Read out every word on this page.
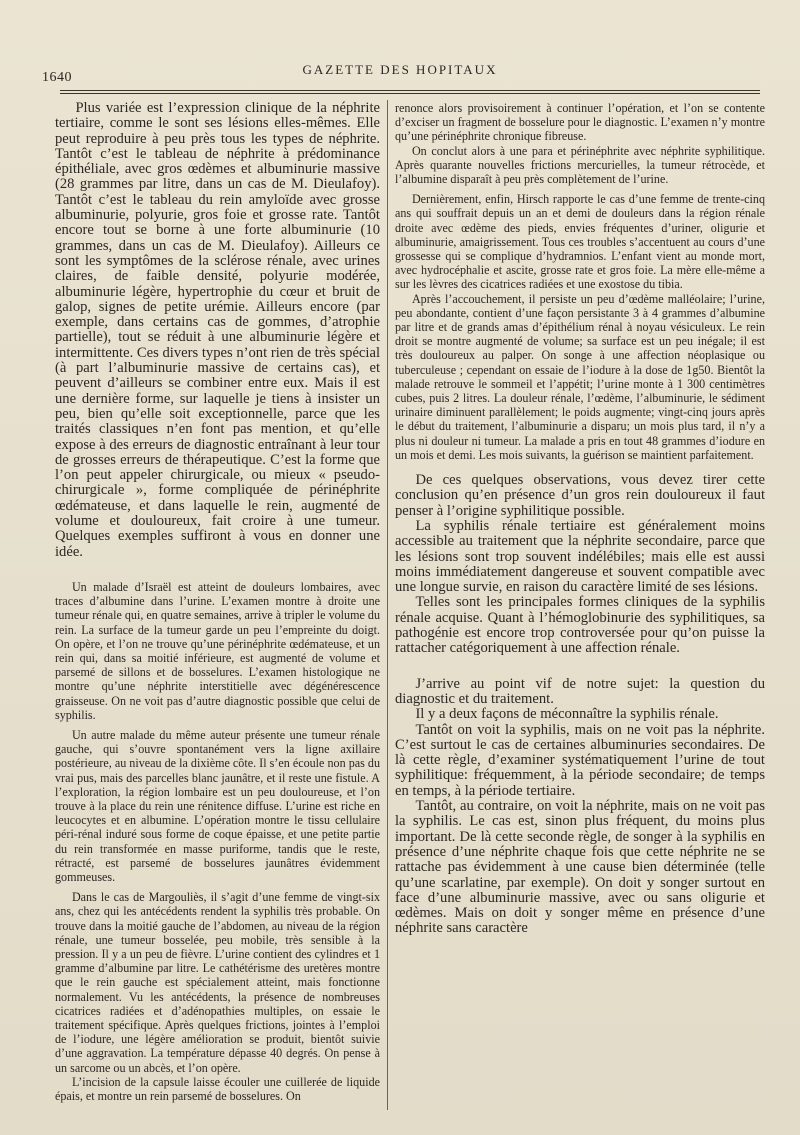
1640
GAZETTE DES HOPITAUX

Plus variée est l’expression clinique de la néphrite tertiaire, comme le sont ses lésions elles-mêmes. Elle peut reproduire à peu près tous les types de néphrite. Tantôt c’est le tableau de néphrite à prédominance épithéliale, avec gros œdèmes et albuminurie massive (28 grammes par litre, dans un cas de M. Dieulafoy). Tantôt c’est le tableau du rein amyloïde avec grosse albuminurie, polyurie, gros foie et grosse rate. Tantôt encore tout se borne à une forte albuminurie (10 grammes, dans un cas de M. Dieulafoy). Ailleurs ce sont les symptômes de la sclérose rénale, avec urines claires, de faible densité, polyurie modérée, albuminurie légère, hypertrophie du cœur et bruit de galop, signes de petite urémie. Ailleurs encore (par exemple, dans certains cas de gommes, d’atrophie partielle), tout se réduit à une albuminurie légère et intermittente. Ces divers types n’ont rien de très spécial (à part l’albuminurie massive de certains cas), et peuvent d’ailleurs se combiner entre eux. Mais il est une dernière forme, sur laquelle je tiens à insister un peu, bien qu’elle soit exceptionnelle, parce que les traités classiques n’en font pas mention, et qu’elle expose à des erreurs de diagnostic entraînant à leur tour de grosses erreurs de thérapeutique. C’est la forme que l’on peut appeler chirurgicale, ou mieux « pseudo-chirurgicale », forme compliquée de périnéphrite œdémateuse, et dans laquelle le rein, augmenté de volume et douloureux, fait croire à une tumeur. Quelques exemples suffiront à vous en donner une idée.

Un malade d’Israël est atteint de douleurs lombaires, avec traces d’albumine dans l’urine. L’examen montre à droite une tumeur rénale qui, en quatre semaines, arrive à tripler le volume du rein. La surface de la tumeur garde un peu l’empreinte du doigt. On opère, et l’on ne trouve qu’une périnéphrite œdémateuse, et un rein qui, dans sa moitié inférieure, est augmenté de volume et parsemé de sillons et de bosselures. L’examen histologique ne montre qu’une néphrite interstitielle avec dégénérescence graisseuse. On ne voit pas d’autre diagnostic possible que celui de syphilis.

Un autre malade du même auteur présente une tumeur rénale gauche, qui s’ouvre spontanément vers la ligne axillaire postérieure, au niveau de la dixième côte. Il s’en écoule non pas du vrai pus, mais des parcelles blanc jaunâtre, et il reste une fistule. A l’exploration, la région lombaire est un peu douloureuse, et l’on trouve à la place du rein une rénitence diffuse. L’urine est riche en leucocytes et en albumine. L’opération montre le tissu cellulaire péri-rénal induré sous forme de coque épaisse, et une petite partie du rein transformée en masse puriforme, tandis que le reste, rétracté, est parsemé de bosselures jaunâtres évidemment gommeuses.

Dans le cas de Margouliès, il s’agit d’une femme de vingt-six ans, chez qui les antécédents rendent la syphilis très probable. On trouve dans la moitié gauche de l’abdomen, au niveau de la région rénale, une tumeur bosselée, peu mobile, très sensible à la pression. Il y a un peu de fièvre. L’urine contient des cylindres et 1 gramme d’albumine par litre. Le cathétérisme des uretères montre que le rein gauche est spécialement atteint, mais fonctionne normalement. Vu les antécédents, la présence de nombreuses cicatrices radiées et d’adénopathies multiples, on essaie le traitement spécifique. Après quelques frictions, jointes à l’emploi de l’iodure, une légère amélioration se produit, bientôt suivie d’une aggravation. La température dépasse 40 degrés. On pense à un sarcome ou un abcès, et l’on opère.

L’incision de la capsule laisse écouler une cuillerée de liquide épais, et montre un rein parsemé de bosselures. On

renonce alors provisoirement à continuer l’opération, et l’on se contente d’exciser un fragment de bosselure pour le diagnostic. L’examen n’y montre qu’une périnéphrite chronique fibreuse.

On conclut alors à une para et périnéphrite avec néphrite syphilitique. Après quarante nouvelles frictions mercurielles, la tumeur rétrocède, et l’albumine disparaît à peu près complètement de l’urine.

Dernièrement, enfin, Hirsch rapporte le cas d’une femme de trente-cinq ans qui souffrait depuis un an et demi de douleurs dans la région rénale droite avec œdème des pieds, envies fréquentes d’uriner, oligurie et albuminurie, amaigrissement. Tous ces troubles s’accentuent au cours d’une grossesse qui se complique d’hydramnios. L’enfant vient au monde mort, avec hydrocéphalie et ascite, grosse rate et gros foie. La mère elle-même a sur les lèvres des cicatrices radiées et une exostose du tibia.

Après l’accouchement, il persiste un peu d’œdème malléolaire; l’urine, peu abondante, contient d’une façon persistante 3 à 4 grammes d’albumine par litre et de grands amas d’épithélium rénal à noyau vésiculeux. Le rein droit se montre augmenté de volume; sa surface est un peu inégale; il est très douloureux au palper. On songe à une affection néoplasique ou tuberculeuse ; cependant on essaie de l’iodure à la dose de 1g50. Bientôt la malade retrouve le sommeil et l’appétit; l’urine monte à 1 300 centimètres cubes, puis 2 litres. La douleur rénale, l’œdème, l’albuminurie, le sédiment urinaire diminuent parallèlement; le poids augmente; vingt-cinq jours après le début du traitement, l’albuminurie a disparu; un mois plus tard, il n’y a plus ni douleur ni tumeur. La malade a pris en tout 48 grammes d’iodure en un mois et demi. Les mois suivants, la guérison se maintient parfaitement.

De ces quelques observations, vous devez tirer cette conclusion qu’en présence d’un gros rein douloureux il faut penser à l’origine syphilitique possible.

La syphilis rénale tertiaire est généralement moins accessible au traitement que la néphrite secondaire, parce que les lésions sont trop souvent indélébiles; mais elle est aussi moins immédiatement dangereuse et souvent compatible avec une longue survie, en raison du caractère limité de ses lésions.

Telles sont les principales formes cliniques de la syphilis rénale acquise. Quant à l’hémoglobinurie des syphilitiques, sa pathogénie est encore trop controversée pour qu’on puisse la rattacher catégoriquement à une affection rénale.

J’arrive au point vif de notre sujet: la question du diagnostic et du traitement.

Il y a deux façons de méconnaître la syphilis rénale.

Tantôt on voit la syphilis, mais on ne voit pas la néphrite. C’est surtout le cas de certaines albuminuries secondaires. De là cette règle, d’examiner systématiquement l’urine de tout syphilitique: fréquemment, à la période secondaire; de temps en temps, à la période tertiaire.

Tantôt, au contraire, on voit la néphrite, mais on ne voit pas la syphilis. Le cas est, sinon plus fréquent, du moins plus important. De là cette seconde règle, de songer à la syphilis en présence d’une néphrite chaque fois que cette néphrite ne se rattache pas évidemment à une cause bien déterminée (telle qu’une scarlatine, par exemple). On doit y songer surtout en face d’une albuminurie massive, avec ou sans oligurie et œdèmes. Mais on doit y songer même en présence d’une néphrite sans caractère
